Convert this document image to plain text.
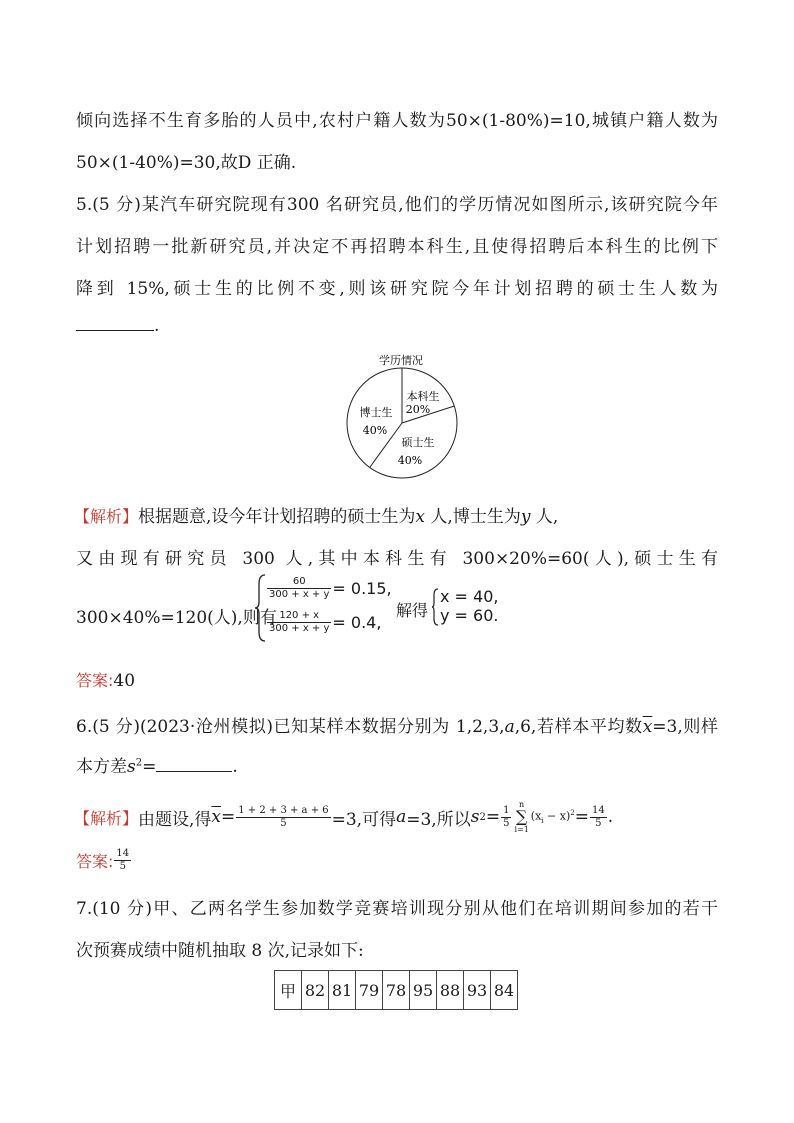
倾向选择不生育多胎的人员中,农村户籍人数为50×(1-80%)=10,城镇户籍人数为
50×(1-40%)=30,故D 正确.
5.(5 分)某汽车研究院现有300 名研究员,他们的学历情况如图所示,该研究院今年
计划招聘一批新研究员,并决定不再招聘本科生,且使得招聘后本科生的比例下
降到 15%,硕士生的比例不变,则该研究院今年计划招聘的硕士生人数为
.
学历情况
本科生
20%
硕士生
40%
博士生
40%
【解析】根据题意,设今年计划招聘的硕士生为x 人,博士生为y 人,
又由现有研究员 300 人,其中本科生有 300×20%=60(人),硕士生有
300×40%=120(人),则有
$\frac{60}{300 + x + y} = 0.15$,
$\frac{120 + x}{300 + x + y} = 0.4$,
解得
x = 40,
y = 60.
答案:40
6.(5 分)(2023·沧州模拟)已知某样本数据分别为 1,2,3,a,6,若样本平均数$\overline{x}=3$,则样
本方差$s^2=$	.
【解析】 由题设,得 $\overline{x} = \frac{1 + 2 + 3 + a + 6}{5} =3$,可得 a =3,所以 s $2 = \frac{1}{5}$ n
∑
i=1
$(x_i - x)^2 = \frac{14}{5}$ .
答案: $\frac{14}{5}$
7.(10 分)甲、乙两名学生参加数学竞赛培训现分别从他们在培训期间参加的若干
次预赛成绩中随机抽取 8 次,记录如下:
甲	82	81	79	78	95	88	93	84
